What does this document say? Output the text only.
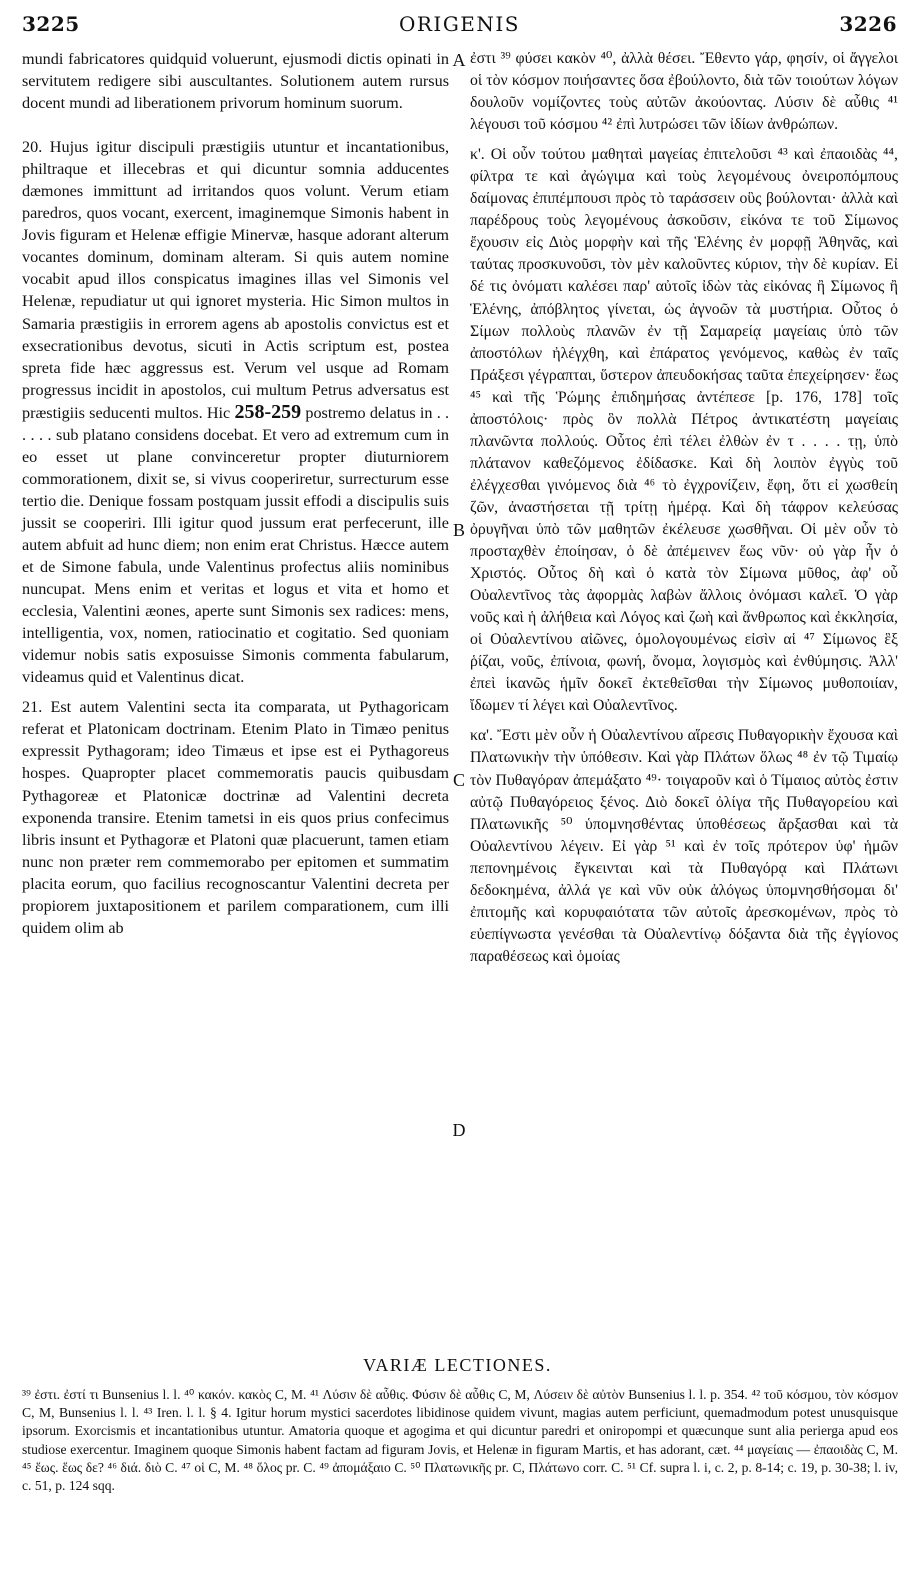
3225	ORIGENIS	3226

mundi fabricatores quidquid voluerunt, ejusmodi dictis opinati in servitutem redigere sibi auscultantes. Solutionem autem rursus docent mundi ad liberationem privorum hominum suorum.

20. Hujus igitur discipuli præstigiis utuntur et incantationibus, philtraque et illecebras et qui dicuntur somnia adducentes dæmones immittunt ad irritandos quos volunt. Verum etiam paredros, quos vocant, exercent, imaginemque Simonis habent in Jovis figuram et Helenæ effigie Minervæ, hasque adorant alterum vocantes dominum, dominam alteram. Si quis autem nomine vocabit apud illos conspicatus imagines illas vel Simonis vel Helenæ, repudiatur ut qui ignoret mysteria. Hic Simon multos in Samaria præstigiis in errorem agens ab apostolis convictus est et exsecrationibus devotus, sicuti in Actis scriptum est, postea spreta fide hæc aggressus est. Verum vel usque ad Romam progressus incidit in apostolos, cui multum Petrus adversatus est præstigiis seducenti multos. Hic 258-259 postremo delatus in . . . . . . sub platano considens docebat. Et vero ad extremum cum in eo esset ut plane convinceretur propter diuturniorem commorationem, dixit se, si vivus cooperiretur, surrecturum esse tertio die. Denique fossam postquam jussit effodi a discipulis suis jussit se cooperiri. Illi igitur quod jussum erat perfecerunt, ille autem abfuit ad hunc diem; non enim erat Christus. Hæcce autem et de Simone fabula, unde Valentinus profectus aliis nominibus nuncupat. Mens enim et veritas et logus et vita et homo et ecclesia, Valentini æones, aperte sunt Simonis sex radices: mens, intelligentia, vox, nomen, ratiocinatio et cogitatio. Sed quoniam videmur nobis satis exposuisse Simonis commenta fabularum, videamus quid et Valentinus dicat.

21. Est autem Valentini secta ita comparata, ut Pythagoricam referat et Platonicam doctrinam. Etenim Plato in Timæo penitus expressit Pythagoram; ideo Timæus et ipse est ei Pythagoreus hospes. Quapropter placet commemoratis paucis quibusdam Pythagoreæ et Platonicæ doctrinæ ad Valentini decreta exponenda transire. Etenim tametsi in eis quos prius confecimus libris insunt et Pythagoræ et Platoni quæ placuerunt, tamen etiam nunc non præter rem commemorabo per epitomen et summatim placita eorum, quo facilius recognoscantur Valentini decreta per propiorem juxtapositionem et parilem comparationem, cum illi quidem olim ab

A
B
C
D

ἐστι ³⁹ φύσει κακὸν ⁴⁰, ἀλλὰ θέσει. Ἔθεντο γάρ, φησίν, οἱ ἄγγελοι οἱ τὸν κόσμον ποιήσαντες ὅσα ἐβούλοντο, διὰ τῶν τοιούτων λόγων δουλοῦν νομίζοντες τοὺς αὐτῶν ἀκούοντας. Λύσιν δὲ αὖθις ⁴¹ λέγουσι τοῦ κόσμου ⁴² ἐπὶ λυτρώσει τῶν ἰδίων ἀνθρώπων.

κ'. Οἱ οὖν τούτου μαθηταὶ μαγείας ἐπιτελοῦσι ⁴³ καὶ ἐπαοιδὰς ⁴⁴, φίλτρα τε καὶ ἀγώγιμα καὶ τοὺς λεγομένους ὀνειροπόμπους δαίμονας ἐπιπέμπουσι πρὸς τὸ ταράσσειν οὓς βούλονται· ἀλλὰ καὶ παρέδρους τοὺς λεγομένους ἀσκοῦσιν, εἰκόνα τε τοῦ Σίμωνος ἔχουσιν εἰς Διὸς μορφὴν καὶ τῆς Ἑλένης ἐν μορφῇ Ἀθηνᾶς, καὶ ταύτας προσκυνοῦσι, τὸν μὲν καλοῦντες κύριον, τὴν δὲ κυρίαν. Εἰ δέ τις ὀνόματι καλέσει παρ' αὐτοῖς ἰδὼν τὰς εἰκόνας ἢ Σίμωνος ἢ Ἑλένης, ἀπόβλητος γίνεται, ὡς ἀγνοῶν τὰ μυστήρια. Οὗτος ὁ Σίμων πολλοὺς πλανῶν ἐν τῇ Σαμαρείᾳ μαγείαις ὑπὸ τῶν ἀποστόλων ἠλέγχθη, καὶ ἐπάρατος γενόμενος, καθὼς ἐν ταῖς Πράξεσι γέγραπται, ὕστερον ἀπευδοκήσας ταῦτα ἐπεχείρησεν· ἕως ⁴⁵ καὶ τῆς Ῥώμης ἐπιδημήσας ἀντέπεσε [p. 176, 178] τοῖς ἀποστόλοις· πρὸς ὃν πολλὰ Πέτρος ἀντικατέστη μαγείαις πλανῶντα πολλούς. Οὗτος ἐπὶ τέλει ἐλθὼν ἐν τ . . . . τῃ, ὑπὸ πλάτανον καθεζόμενος ἐδίδασκε. Καὶ δὴ λοιπὸν ἐγγὺς τοῦ ἐλέγχεσθαι γινόμενος διὰ ⁴⁶ τὸ ἐγχρονίζειν, ἔφη, ὅτι εἰ χωσθείη ζῶν, ἀναστήσεται τῇ τρίτῃ ἡμέρᾳ. Καὶ δὴ τάφρον κελεύσας ὀρυγῆναι ὑπὸ τῶν μαθητῶν ἐκέλευσε χωσθῆναι. Οἱ μὲν οὖν τὸ προσταχθὲν ἐποίησαν, ὁ δὲ ἀπέμεινεν ἕως νῦν· οὐ γὰρ ἦν ὁ Χριστός. Οὗτος δὴ καὶ ὁ κατὰ τὸν Σίμωνα μῦθος, ἀφ' οὗ Οὐαλεντῖνος τὰς ἀφορμὰς λαβὼν ἄλλοις ὀνόμασι καλεῖ. Ὁ γὰρ νοῦς καὶ ἡ ἀλήθεια καὶ Λόγος καὶ ζωὴ καὶ ἄνθρωπος καὶ ἐκκλησία, οἱ Οὐαλεντίνου αἰῶνες, ὁμολογουμένως εἰσὶν αἱ ⁴⁷ Σίμωνος ἓξ ῥίζαι, νοῦς, ἐπίνοια, φωνή, ὄνομα, λογισμὸς καὶ ἐνθύμησις. Ἀλλ' ἐπεὶ ἱκανῶς ἡμῖν δοκεῖ ἐκτεθεῖσθαι τὴν Σίμωνος μυθοποιίαν, ἴδωμεν τί λέγει καὶ Οὐαλεντῖνος.

κα'. Ἔστι μὲν οὖν ἡ Οὐαλεντίνου αἵρεσις Πυθαγορικὴν ἔχουσα καὶ Πλατωνικὴν τὴν ὑπόθεσιν. Καὶ γὰρ Πλάτων ὅλως ⁴⁸ ἐν τῷ Τιμαίῳ τὸν Πυθαγόραν ἀπεμάξατο ⁴⁹· τοιγαροῦν καὶ ὁ Τίμαιος αὐτὸς ἐστιν αὐτῷ Πυθαγόρειος ξένος. Διὸ δοκεῖ ὀλίγα τῆς Πυθαγορείου καὶ Πλατωνικῆς ⁵⁰ ὑπομνησθέντας ὑποθέσεως ἄρξασθαι καὶ τὰ Οὐαλεντίνου λέγειν. Εἰ γὰρ ⁵¹ καὶ ἐν τοῖς πρότερον ὑφ' ἡμῶν πεπονημένοις ἔγκεινται καὶ τὰ Πυθαγόρᾳ καὶ Πλάτωνι δεδοκημένα, ἀλλά γε καὶ νῦν οὐκ ἀλόγως ὑπομνησθήσομαι δι' ἐπιτομῆς καὶ κορυφαιότατα τῶν αὐτοῖς ἀρεσκομένων, πρὸς τὸ εὐεπίγνωστα γενέσθαι τὰ Οὐαλεντίνῳ δόξαντα διὰ τῆς ἐγγίονος παραθέσεως καὶ ὁμοίας

VARIÆ LECTIONES.
³⁹ ἐστι. ἐστί τι Bunsenius l. l. ⁴⁰ κακόν. κακὸς C, M. ⁴¹ Λύσιν δὲ αὖθις. Φύσιν δὲ αὖθις C, M, Λύσειν δὲ αὐτὸν Bunsenius l. l. p. 354. ⁴² τοῦ κόσμου, τὸν κόσμον C, M, Bunsenius l. l. ⁴³ Iren. l. l. § 4. Igitur horum mystici sacerdotes libidinose quidem vivunt, magias autem perficiunt, quemadmodum potest unusquisque ipsorum. Exorcismis et incantationibus utuntur. Amatoria quoque et agogima et qui dicuntur paredri et oniropompi et quæcunque sunt alia perierga apud eos studiose exercentur. Imaginem quoque Simonis habent factam ad figuram Jovis, et Helenæ in figuram Martis, et has adorant, cæt. ⁴⁴ μαγείαις — ἐπαοιδὰς C, M. ⁴⁵ ἕως. ἕως δε? ⁴⁶ διά. διὸ C. ⁴⁷ οἱ C, M. ⁴⁸ ὅλος pr. C. ⁴⁹ ἀπομάξαιο C. ⁵⁰ Πλατωνικῆς pr. C, Πλάτωνο corr. C. ⁵¹ Cf. supra l. i, c. 2, p. 8-14; c. 19, p. 30-38; l. iv, c. 51, p. 124 sqq.
